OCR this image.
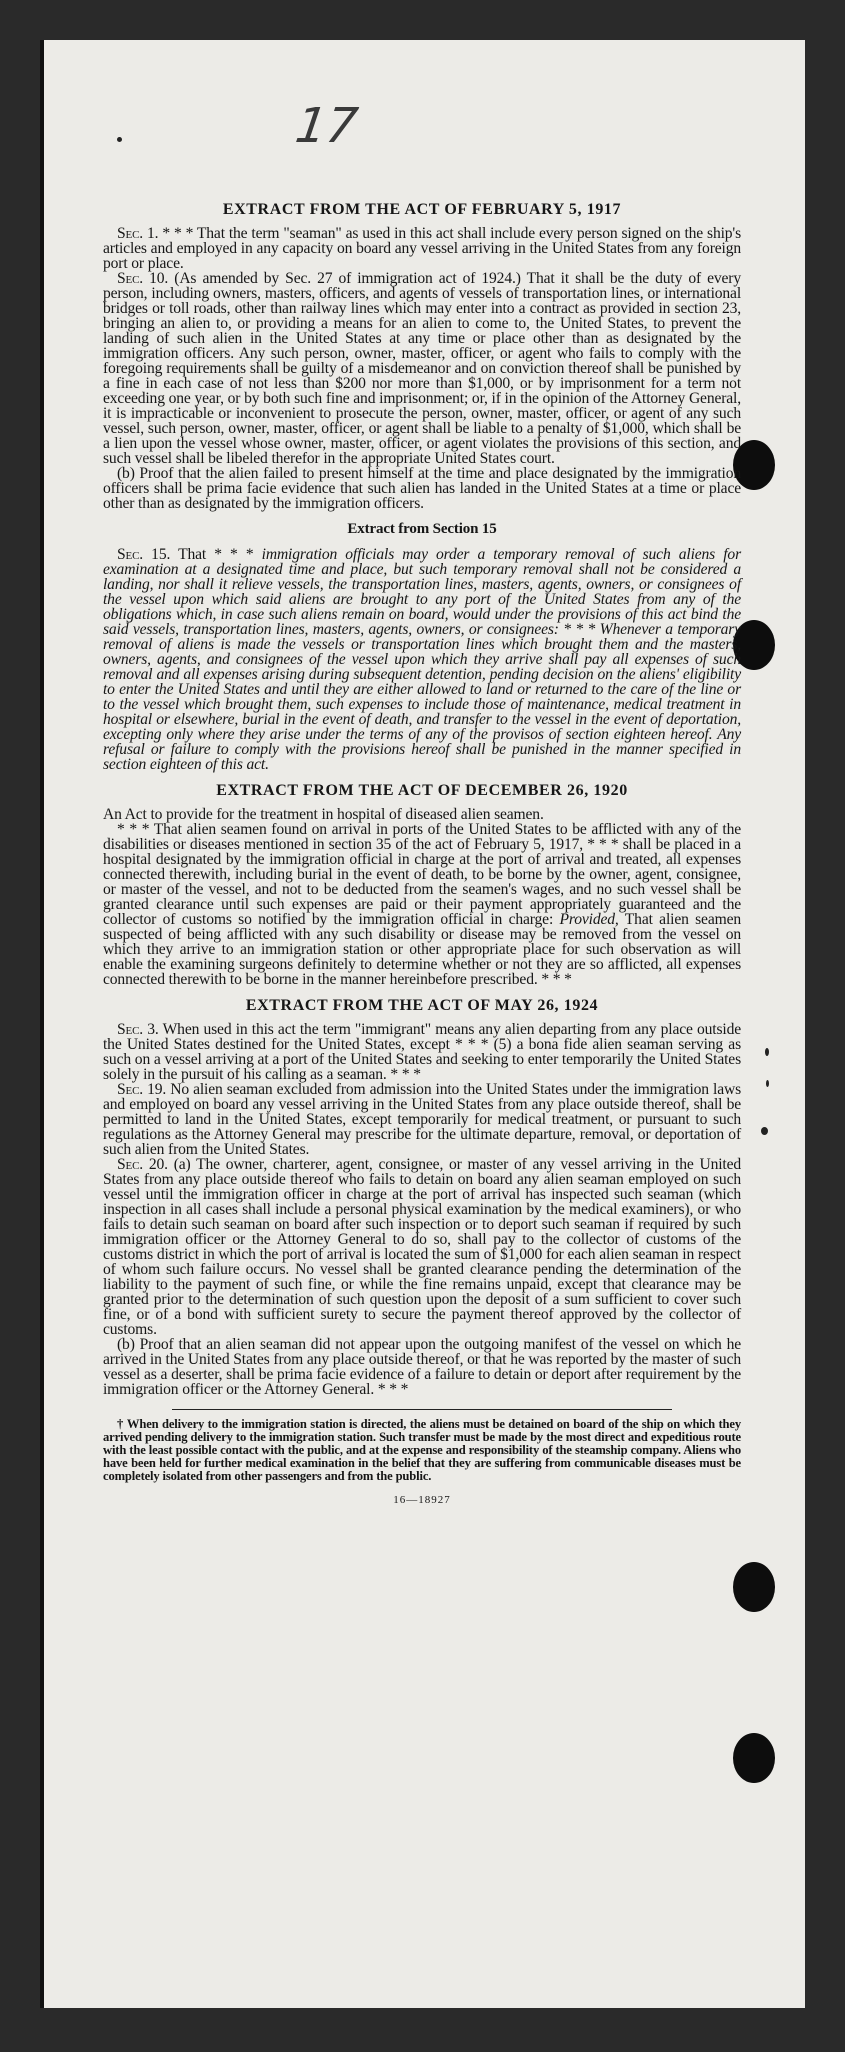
17
EXTRACT FROM THE ACT OF FEBRUARY 5, 1917

Sec. 1. * * * That the term "seaman" as used in this act shall include every person signed on the ship's articles and employed in any capacity on board any vessel arriving in the United States from any foreign port or place.

Sec. 10. (As amended by Sec. 27 of immigration act of 1924.) That it shall be the duty of every person, including owners, masters, officers, and agents of vessels of transportation lines, or international bridges or toll roads, other than railway lines which may enter into a contract as provided in section 23, bringing an alien to, or providing a means for an alien to come to, the United States, to prevent the landing of such alien in the United States at any time or place other than as designated by the immigration officers. Any such person, owner, master, officer, or agent who fails to comply with the foregoing requirements shall be guilty of a misdemeanor and on conviction thereof shall be punished by a fine in each case of not less than $200 nor more than $1,000, or by imprisonment for a term not exceeding one year, or by both such fine and imprisonment; or, if in the opinion of the Attorney General, it is impracticable or inconvenient to prosecute the person, owner, master, officer, or agent of any such vessel, such person, owner, master, officer, or agent shall be liable to a penalty of $1,000, which shall be a lien upon the vessel whose owner, master, officer, or agent violates the provisions of this section, and such vessel shall be libeled therefor in the appropriate United States court.

(b) Proof that the alien failed to present himself at the time and place designated by the immigration officers shall be prima facie evidence that such alien has landed in the United States at a time or place other than as designated by the immigration officers.

Extract from Section 15

Sec. 15. That * * * immigration officials may order a temporary removal of such aliens for examination at a designated time and place, but such temporary removal shall not be considered a landing, nor shall it relieve vessels, the transportation lines, masters, agents, owners, or consignees of the vessel upon which said aliens are brought to any port of the United States from any of the obligations which, in case such aliens remain on board, would under the provisions of this act bind the said vessels, transportation lines, masters, agents, owners, or consignees: * * * Whenever a temporary removal of aliens is made the vessels or transportation lines which brought them and the masters, owners, agents, and consignees of the vessel upon which they arrive shall pay all expenses of such removal and all expenses arising during subsequent detention, pending decision on the aliens' eligibility to enter the United States and until they are either allowed to land or returned to the care of the line or to the vessel which brought them, such expenses to include those of maintenance, medical treatment in hospital or elsewhere, burial in the event of death, and transfer to the vessel in the event of deportation, excepting only where they arise under the terms of any of the provisos of section eighteen hereof. Any refusal or failure to comply with the provisions hereof shall be punished in the manner specified in section eighteen of this act.

EXTRACT FROM THE ACT OF DECEMBER 26, 1920

An Act to provide for the treatment in hospital of diseased alien seamen.

* * * That alien seamen found on arrival in ports of the United States to be afflicted with any of the disabilities or diseases mentioned in section 35 of the act of February 5, 1917, * * * shall be placed in a hospital designated by the immigration official in charge at the port of arrival and treated, all expenses connected therewith, including burial in the event of death, to be borne by the owner, agent, consignee, or master of the vessel, and not to be deducted from the seamen's wages, and no such vessel shall be granted clearance until such expenses are paid or their payment appropriately guaranteed and the collector of customs so notified by the immigration official in charge: Provided, That alien seamen suspected of being afflicted with any such disability or disease may be removed from the vessel on which they arrive to an immigration station or other appropriate place for such observation as will enable the examining surgeons definitely to determine whether or not they are so afflicted, all expenses connected therewith to be borne in the manner hereinbefore prescribed. * * *

EXTRACT FROM THE ACT OF MAY 26, 1924

Sec. 3. When used in this act the term "immigrant" means any alien departing from any place outside the United States destined for the United States, except * * * (5) a bona fide alien seaman serving as such on a vessel arriving at a port of the United States and seeking to enter temporarily the United States solely in the pursuit of his calling as a seaman. * * *

Sec. 19. No alien seaman excluded from admission into the United States under the immigration laws and employed on board any vessel arriving in the United States from any place outside thereof, shall be permitted to land in the United States, except temporarily for medical treatment, or pursuant to such regulations as the Attorney General may prescribe for the ultimate departure, removal, or deportation of such alien from the United States.

Sec. 20. (a) The owner, charterer, agent, consignee, or master of any vessel arriving in the United States from any place outside thereof who fails to detain on board any alien seaman employed on such vessel until the immigration officer in charge at the port of arrival has inspected such seaman (which inspection in all cases shall include a personal physical examination by the medical examiners), or who fails to detain such seaman on board after such inspection or to deport such seaman if required by such immigration officer or the Attorney General to do so, shall pay to the collector of customs of the customs district in which the port of arrival is located the sum of $1,000 for each alien seaman in respect of whom such failure occurs. No vessel shall be granted clearance pending the determination of the liability to the payment of such fine, or while the fine remains unpaid, except that clearance may be granted prior to the determination of such question upon the deposit of a sum sufficient to cover such fine, or of a bond with sufficient surety to secure the payment thereof approved by the collector of customs.

(b) Proof that an alien seaman did not appear upon the outgoing manifest of the vessel on which he arrived in the United States from any place outside thereof, or that he was reported by the master of such vessel as a deserter, shall be prima facie evidence of a failure to detain or deport after requirement by the immigration officer or the Attorney General. * * *

† When delivery to the immigration station is directed, the aliens must be detained on board of the ship on which they arrived pending delivery to the immigration station. Such transfer must be made by the most direct and expeditious route with the least possible contact with the public, and at the expense and responsibility of the steamship company. Aliens who have been held for further medical examination in the belief that they are suffering from communicable diseases must be completely isolated from other passengers and from the public.

16—18927
